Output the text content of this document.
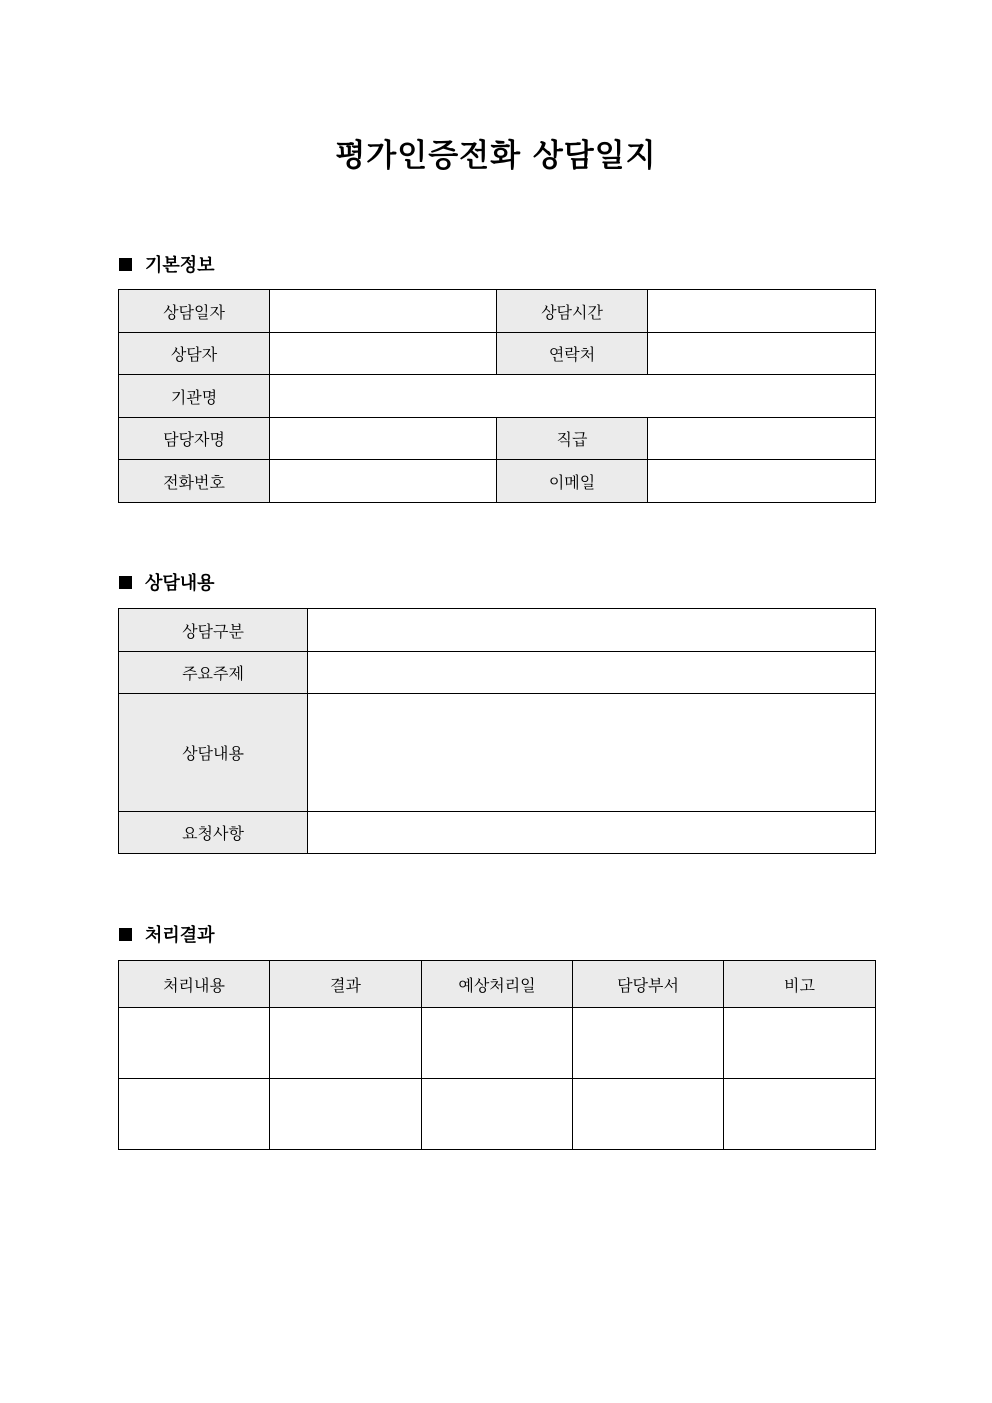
평가인증전화 상담일지
기본정보
상담일자		상담시간	
상담자		연락처	
기관명			
담당자명		직급	
전화번호		이메일	
상담내용
상담구분	
주요주제	
상담내용	
요청사항	
처리결과
처리내용	결과	예상처리일	담당부서	비고
